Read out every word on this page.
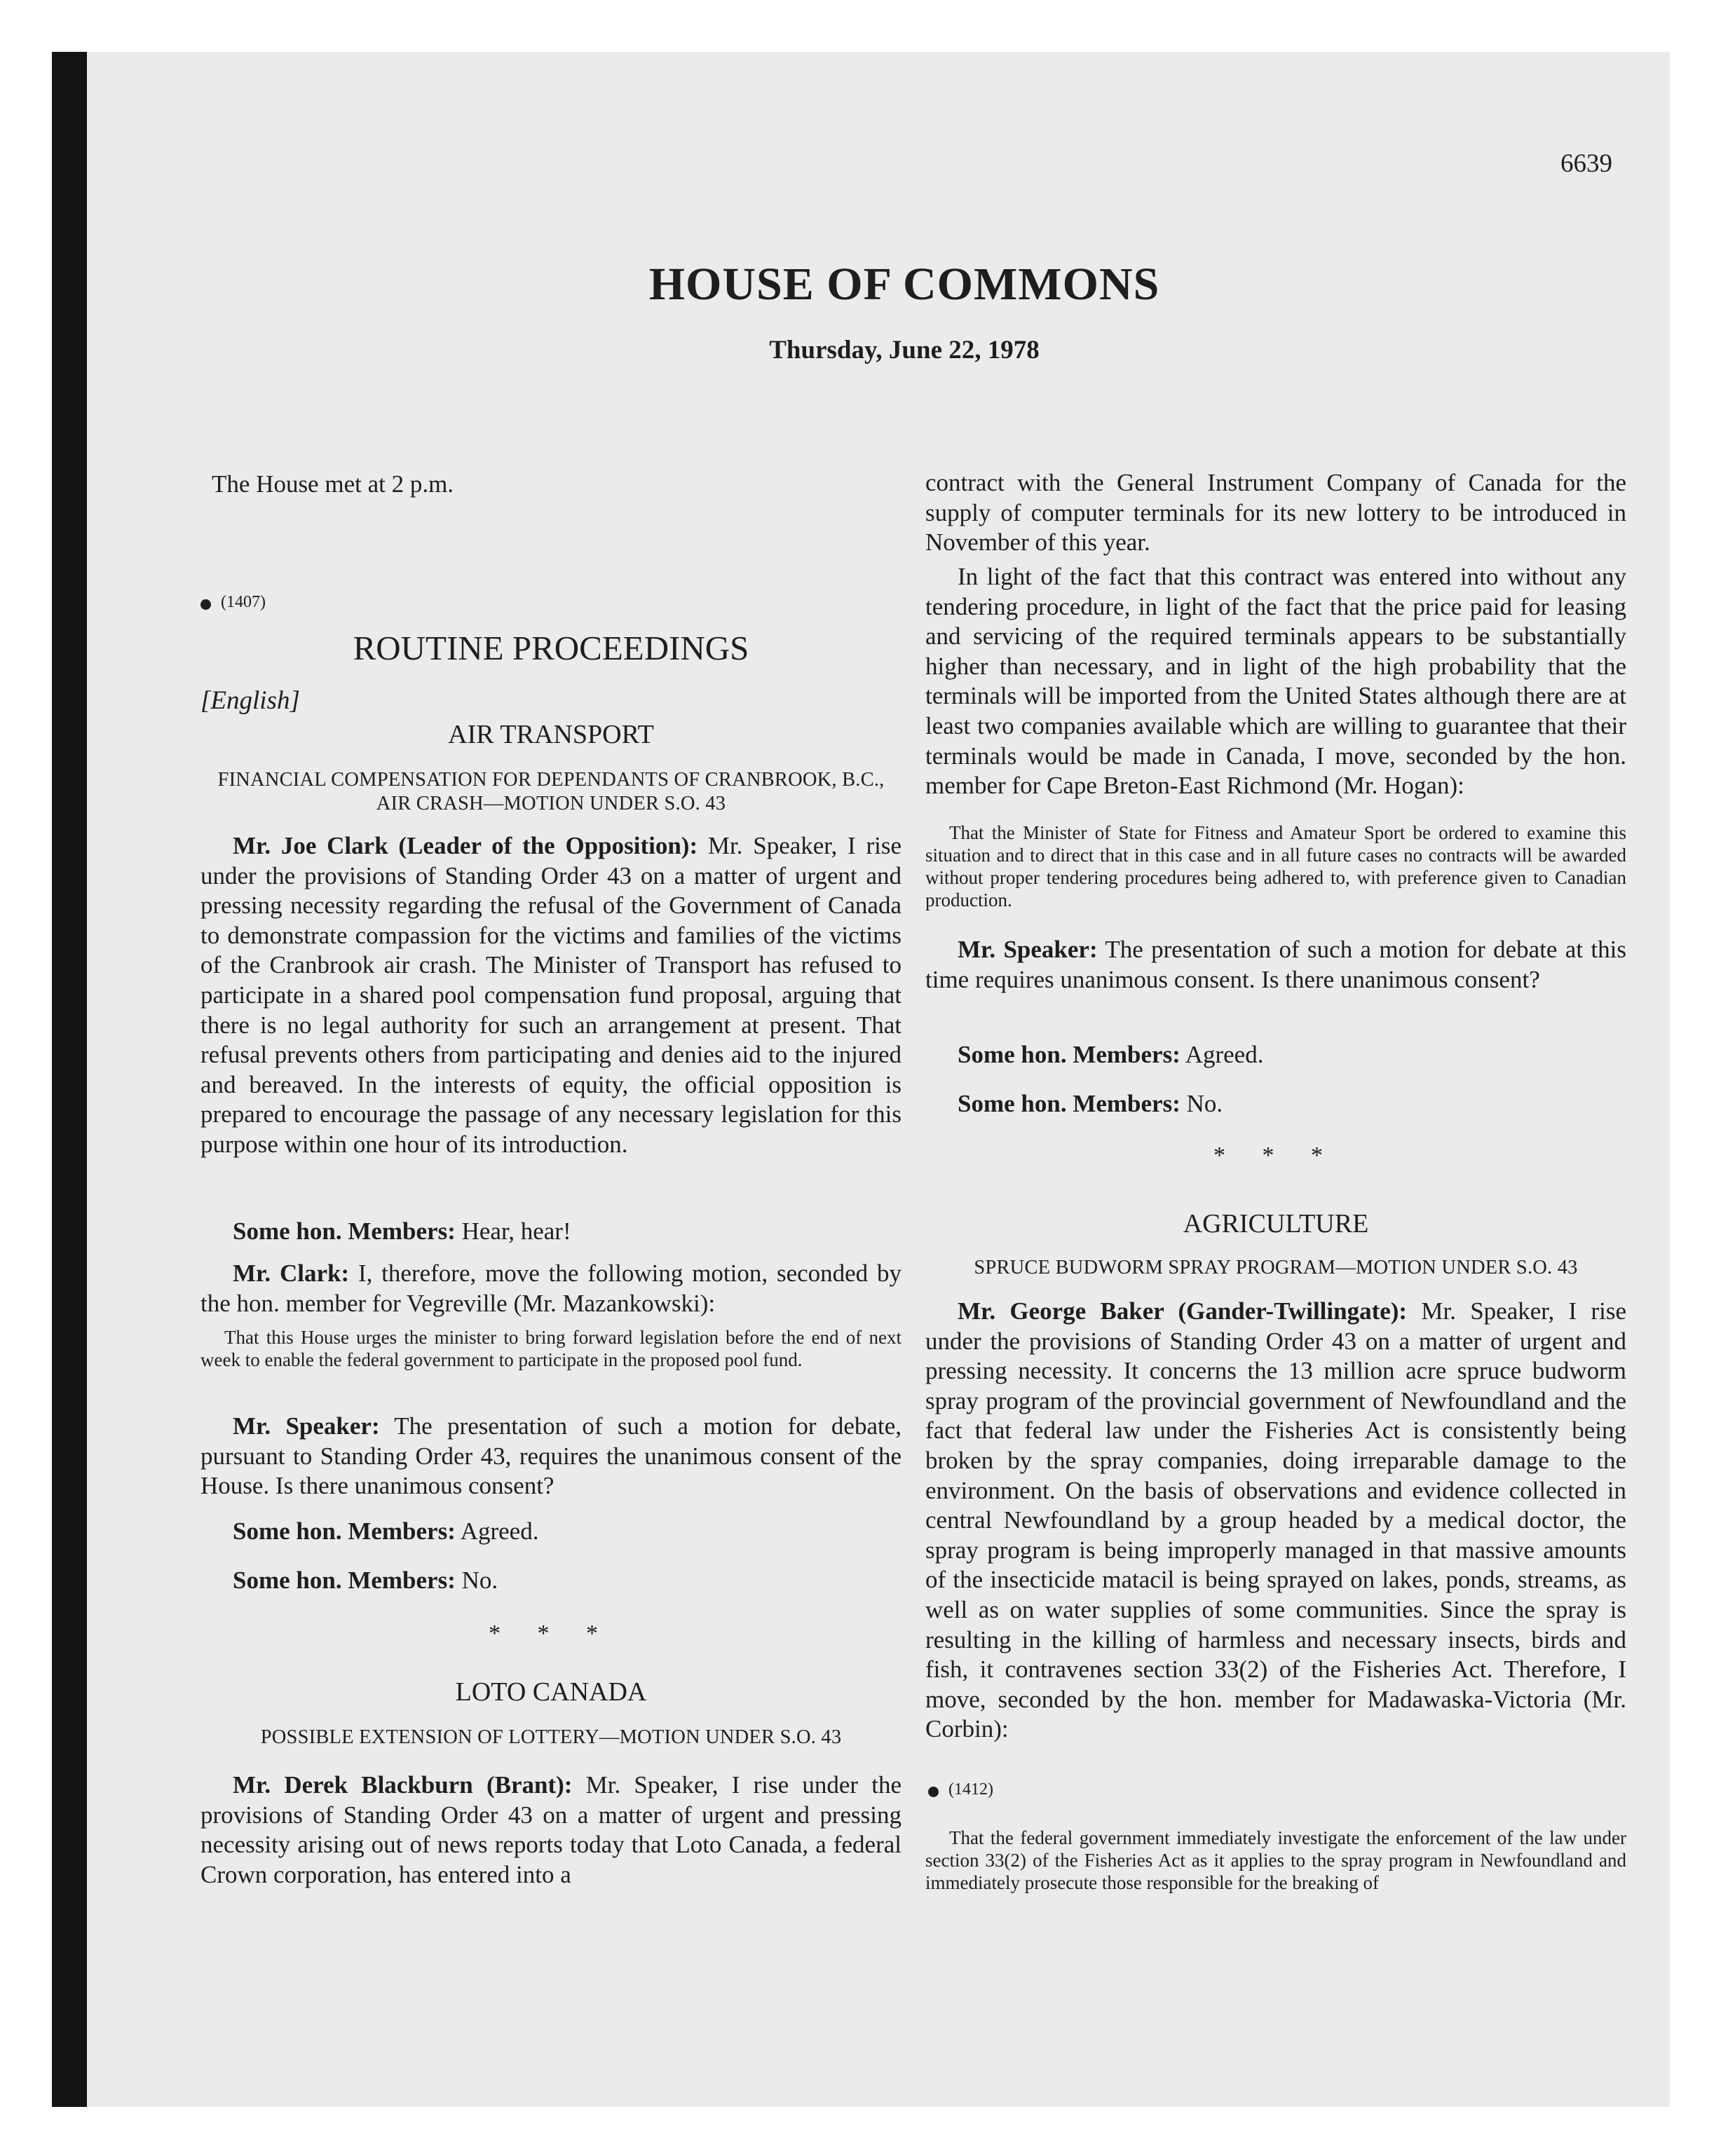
6639
HOUSE OF COMMONS
Thursday, June 22, 1978

The House met at 2 p.m.

(1407)
ROUTINE PROCEEDINGS
[English]
AIR TRANSPORT
FINANCIAL COMPENSATION FOR DEPENDANTS OF CRANBROOK, B.C., AIR CRASH—MOTION UNDER S.O. 43

Mr. Joe Clark (Leader of the Opposition): Mr. Speaker, I rise under the provisions of Standing Order 43 on a matter of urgent and pressing necessity regarding the refusal of the Government of Canada to demonstrate compassion for the victims and families of the victims of the Cranbrook air crash. The Minister of Transport has refused to participate in a shared pool compensation fund proposal, arguing that there is no legal authority for such an arrangement at present. That refusal prevents others from participating and denies aid to the injured and bereaved. In the interests of equity, the official opposition is prepared to encourage the passage of any necessary legislation for this purpose within one hour of its introduction.

Some hon. Members: Hear, hear!

Mr. Clark: I, therefore, move the following motion, seconded by the hon. member for Vegreville (Mr. Mazankowski):

That this House urges the minister to bring forward legislation before the end of next week to enable the federal government to participate in the proposed pool fund.

Mr. Speaker: The presentation of such a motion for debate, pursuant to Standing Order 43, requires the unanimous consent of the House. Is there unanimous consent?

Some hon. Members: Agreed.

Some hon. Members: No.

* * *
LOTO CANADA
POSSIBLE EXTENSION OF LOTTERY—MOTION UNDER S.O. 43

Mr. Derek Blackburn (Brant): Mr. Speaker, I rise under the provisions of Standing Order 43 on a matter of urgent and pressing necessity arising out of news reports today that Loto Canada, a federal Crown corporation, has entered into a

contract with the General Instrument Company of Canada for the supply of computer terminals for its new lottery to be introduced in November of this year.

In light of the fact that this contract was entered into without any tendering procedure, in light of the fact that the price paid for leasing and servicing of the required terminals appears to be substantially higher than necessary, and in light of the high probability that the terminals will be imported from the United States although there are at least two companies available which are willing to guarantee that their terminals would be made in Canada, I move, seconded by the hon. member for Cape Breton-East Richmond (Mr. Hogan):

That the Minister of State for Fitness and Amateur Sport be ordered to examine this situation and to direct that in this case and in all future cases no contracts will be awarded without proper tendering procedures being adhered to, with preference given to Canadian production.

Mr. Speaker: The presentation of such a motion for debate at this time requires unanimous consent. Is there unanimous consent?

Some hon. Members: Agreed.

Some hon. Members: No.

* * *
AGRICULTURE
SPRUCE BUDWORM SPRAY PROGRAM—MOTION UNDER S.O. 43

Mr. George Baker (Gander-Twillingate): Mr. Speaker, I rise under the provisions of Standing Order 43 on a matter of urgent and pressing necessity. It concerns the 13 million acre spruce budworm spray program of the provincial government of Newfoundland and the fact that federal law under the Fisheries Act is consistently being broken by the spray companies, doing irreparable damage to the environment. On the basis of observations and evidence collected in central Newfoundland by a group headed by a medical doctor, the spray program is being improperly managed in that massive amounts of the insecticide matacil is being sprayed on lakes, ponds, streams, as well as on water supplies of some communities. Since the spray is resulting in the killing of harmless and necessary insects, birds and fish, it contravenes section 33(2) of the Fisheries Act. Therefore, I move, seconded by the hon. member for Madawaska-Victoria (Mr. Corbin):

(1412)

That the federal government immediately investigate the enforcement of the law under section 33(2) of the Fisheries Act as it applies to the spray program in Newfoundland and immediately prosecute those responsible for the breaking of
